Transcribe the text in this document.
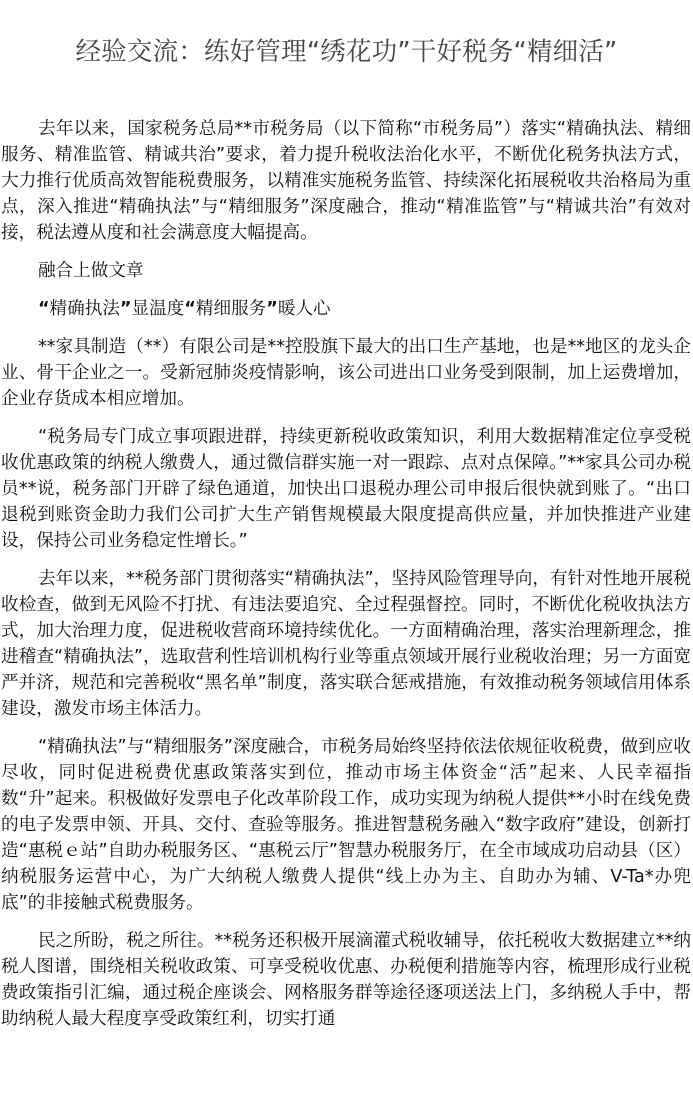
经验交流：练好管理“绣花功”干好税务“精细活”

去年以来，国家税务总局**市税务局（以下简称“市税务局”）落实“精确执法、精细服务、精准监管、精诚共治”要求，着力提升税收法治化水平，不断优化税务执法方式，大力推行优质高效智能税费服务，以精准实施税务监管、持续深化拓展税收共治格局为重点，深入推进“精确执法”与“精细服务”深度融合，推动“精准监管”与“精诚共治”有效对接，税法遵从度和社会满意度大幅提高。

融合上做文章

“精确执法”显温度“精细服务”暖人心

**家具制造（**）有限公司是**控股旗下最大的出口生产基地，也是**地区的龙头企业、骨干企业之一。受新冠肺炎疫情影响，该公司进出口业务受到限制，加上运费增加，企业存货成本相应增加。

“税务局专门成立事项跟进群，持续更新税收政策知识，利用大数据精准定位享受税收优惠政策的纳税人缴费人，通过微信群实施一对一跟踪、点对点保障。”**家具公司办税员**说，税务部门开辟了绿色通道，加快出口退税办理公司申报后很快就到账了。“出口退税到账资金助力我们公司扩大生产销售规模最大限度提高供应量，并加快推进产业建设，保持公司业务稳定性增长。”

去年以来，**税务部门贯彻落实“精确执法”，坚持风险管理导向，有针对性地开展税收检查，做到无风险不打扰、有违法要追究、全过程强督控。同时，不断优化税收执法方式，加大治理力度，促进税收营商环境持续优化。一方面精确治理，落实治理新理念，推进稽查“精确执法”，选取营利性培训机构行业等重点领域开展行业税收治理；另一方面宽严并济，规范和完善税收“黑名单”制度，落实联合惩戒措施，有效推动税务领域信用体系建设，激发市场主体活力。

“精确执法”与“精细服务”深度融合，市税务局始终坚持依法依规征收税费，做到应收尽收，同时促进税费优惠政策落实到位，推动市场主体资金“活”起来、人民幸福指数“升”起来。积极做好发票电子化改革阶段工作，成功实现为纳税人提供**小时在线免费的电子发票申领、开具、交付、查验等服务。推进智慧税务融入“数字政府”建设，创新打造“惠税ｅ站”自助办税服务区、“惠税云厅”智慧办税服务厅，在全市域成功启动县（区）纳税服务运营中心，为广大纳税人缴费人提供“线上办为主、自助办为辅、V-Ta*办兜底”的非接触式税费服务。

民之所盼，税之所往。**税务还积极开展滴灌式税收辅导，依托税收大数据建立**纳税人图谱，围绕相关税收政策、可享受税收优惠、办税便利措施等内容，梳理形成行业税费政策指引汇编，通过税企座谈会、网格服务群等途径逐项送法上门，多纳税人手中，帮助纳税人最大程度享受政策红利，切实打通
